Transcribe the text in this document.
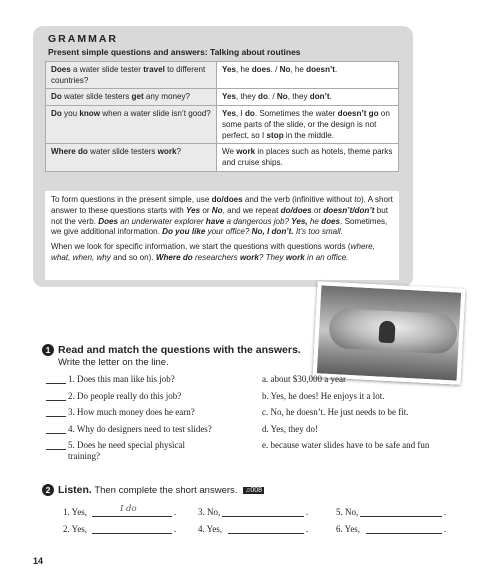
GRAMMAR
Present simple questions and answers: Talking about routines
Does a water slide tester travel to different countries?	Yes, he does. / No, he doesn’t.
Do water slide testers get any money?	Yes, they do. / No, they don’t.
Do you know when a water slide isn’t good?	Yes, I do. Sometimes the water doesn’t go on some parts of the slide, or the design is not perfect, so I stop in the middle.
Where do water slide testers work?	We work in places such as hotels, theme parks and cruise ships.

To form questions in the present simple, use do/does and the verb (infinitive without to). A short answer to these questions starts with Yes or No, and we repeat do/does or doesn’t/don’t but not the verb. Does an underwater explorer have a dangerous job? Yes, he does. Sometimes, we give additional information. Do you like your office? No, I don’t. It’s too small.

When we look for specific information, we start the questions with questions words (where, what, when, why and so on). Where do researchers work? They work in an office.

1 Read and match the questions with the answers.
Write the letter on the line.
1. Does this man like his job?
2. Do people really do this job?
3. How much money does he earn?
4. Why do designers need to test slides?
5. Does he need special physical training?
a. about $30,000 a year
b. Yes, he does! He enjoys it a lot.
c. No, he doesn’t. He just needs to be fit.
d. Yes, they do!
e. because water slides have to be safe and fun
2 Listen. Then complete the short answers. ♫008
1. Yes,	I do	. 3. No,	.	5. No,	.
2. Yes,	. 4. Yes,	.	6. Yes,	.
14
